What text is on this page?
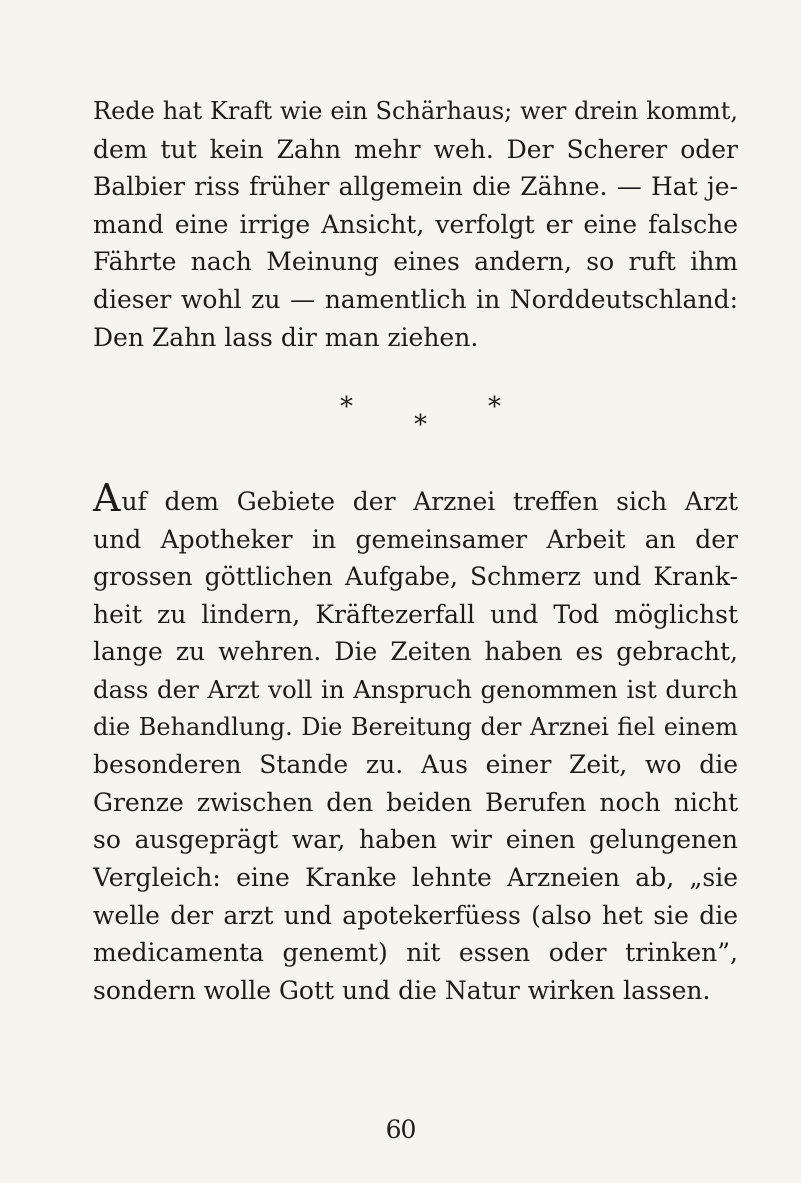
Rede hat Kraft wie ein Schärhaus; wer drein kommt,
dem tut kein Zahn mehr weh. Der Scherer oder
Balbier riss früher allgemein die Zähne. — Hat je-
mand eine irrige Ansicht, verfolgt er eine falsche
Fährte nach Meinung eines andern, so ruft ihm
dieser wohl zu — namentlich in Norddeutschland:
Den Zahn lass dir man ziehen.
*	*
*
Auf dem Gebiete der Arznei treffen sich Arzt
und Apotheker in gemeinsamer Arbeit an der
grossen göttlichen Aufgabe, Schmerz und Krank-
heit zu lindern, Kräftezerfall und Tod möglichst
lange zu wehren. Die Zeiten haben es gebracht,
dass der Arzt voll in Anspruch genommen ist durch
die Behandlung. Die Bereitung der Arznei fiel einem
besonderen Stande zu. Aus einer Zeit, wo die
Grenze zwischen den beiden Berufen noch nicht
so ausgeprägt war, haben wir einen gelungenen
Vergleich: eine Kranke lehnte Arzneien ab, „sie
welle der arzt und apotekerfüess (also het sie die
medicamenta genemt) nit essen oder trinken”,
sondern wolle Gott und die Natur wirken lassen.
60
